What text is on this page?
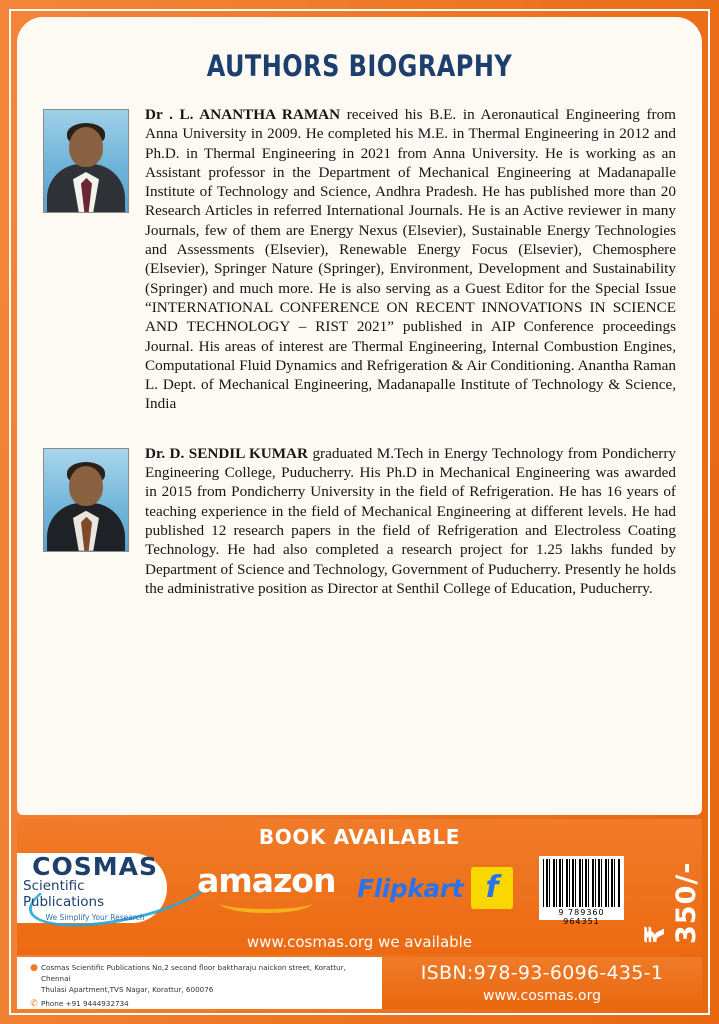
AUTHORS BIOGRAPHY
Dr . L. ANANTHA RAMAN received his B.E. in Aeronautical Engineering from Anna University in 2009. He completed his M.E. in Thermal Engineering in 2012 and Ph.D. in Thermal Engineering in 2021 from Anna University. He is working as an Assistant professor in the Department of Mechanical Engineering at Madanapalle Institute of Technology and Science, Andhra Pradesh. He has published more than 20 Research Articles in referred International Journals. He is an Active reviewer in many Journals, few of them are Energy Nexus (Elsevier), Sustainable Energy Technologies and Assessments (Elsevier), Renewable Energy Focus (Elsevier), Chemosphere (Elsevier), Springer Nature (Springer), Environment, Development and Sustainability (Springer) and much more. He is also serving as a Guest Editor for the Special Issue “INTERNATIONAL CONFERENCE ON RECENT INNOVATIONS IN SCIENCE AND TECHNOLOGY – RIST 2021” published in AIP Conference proceedings Journal. His areas of interest are Thermal Engineering, Internal Combustion Engines, Computational Fluid Dynamics and Refrigeration & Air Conditioning. Anantha Raman L. Dept. of Mechanical Engineering, Madanapalle Institute of Technology & Science, India
Dr. D. SENDIL KUMAR graduated M.Tech in Energy Technology from Pondicherry Engineering College, Puducherry. His Ph.D in Mechanical Engineering was awarded in 2015 from Pondicherry University in the field of Refrigeration. He has 16 years of teaching experience in the field of Mechanical Engineering at different levels. He had published 12 research papers in the field of Refrigeration and Electroless Coating Technology. He had also completed a research project for 1.25 lakhs funded by Department of Science and Technology, Government of Puducherry. Presently he holds the administrative position as Director at Senthil College of Education, Puducherry.
BOOK AVAILABLE
COSMAS
Scientific Publications
We Simplify Your Research
amazon Flipkart f
9 789360 964351
₹ 350/-
www.cosmas.org we available
● Cosmas Scientific Publications No,2 second floor baktharaju naickon street, Korattur, Chennai
Thulasi Apartment,TVS Nagar, Korattur, 600076
✆ Phone +91 9444932734
ISBN:978-93-6096-435-1
www.cosmas.org
